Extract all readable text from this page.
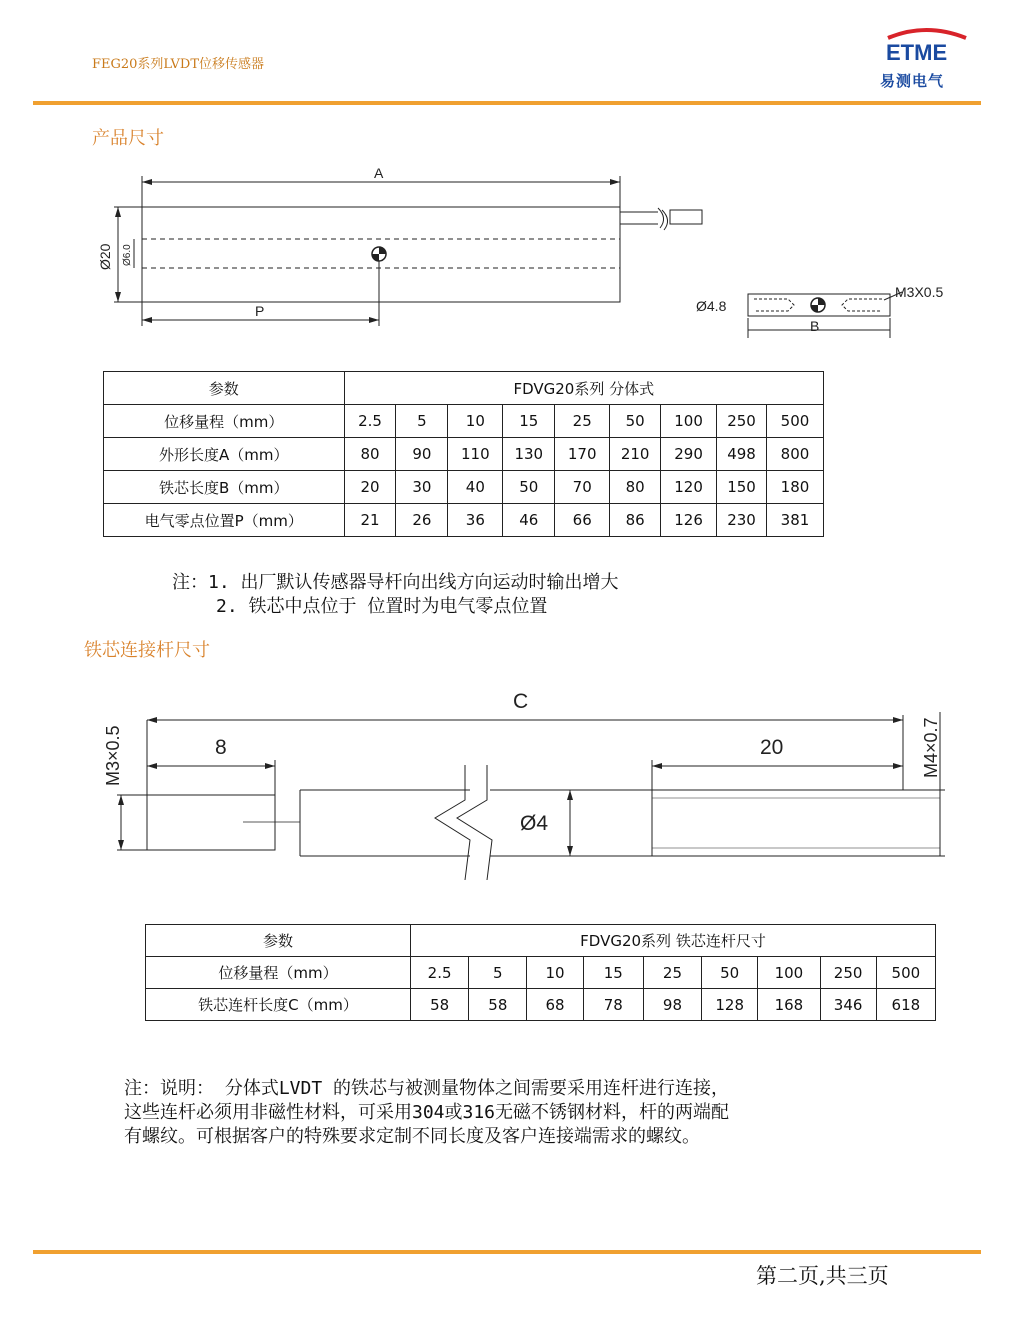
FEG20系列LVDT位移传感器	ETME
易测电气
产品尺寸
A
P
Ø20 Ø6.0
Ø4.8
M3X0.5
B
参数	FDVG20系列 分体式								
位移量程（mm）	2.5	5	10	15	25	50	100	250	500
外形长度A（mm）	80	90	110	130	170	210	290	498	800
铁芯长度B（mm）	20	30	40	50	70	80	120	150	180
电气零点位置P（mm）	21	26	36	46	66	86	126	230	381
注：1. 出厂默认传感器导杆向出线方向运动时输出增大
2. 铁芯中点位于 位置时为电气零点位置
铁芯连接杆尺寸
C
8	20
Ø4
M3×0.5	M4×0.7
参数	FDVG20系列 铁芯连杆尺寸								
位移量程（mm）	2.5	5	10	15	25	50	100	250	500
铁芯连杆长度C（mm）	58	58	68	78	98	128	168	346	618
注：说明： 分体式LVDT 的铁芯与被测量物体之间需要采用连杆进行连接，
这些连杆必须用非磁性材料，可采用304或316无磁不锈钢材料，杆的两端配
有螺纹。可根据客户的特殊要求定制不同长度及客户连接端需求的螺纹。
第二页,共三页
